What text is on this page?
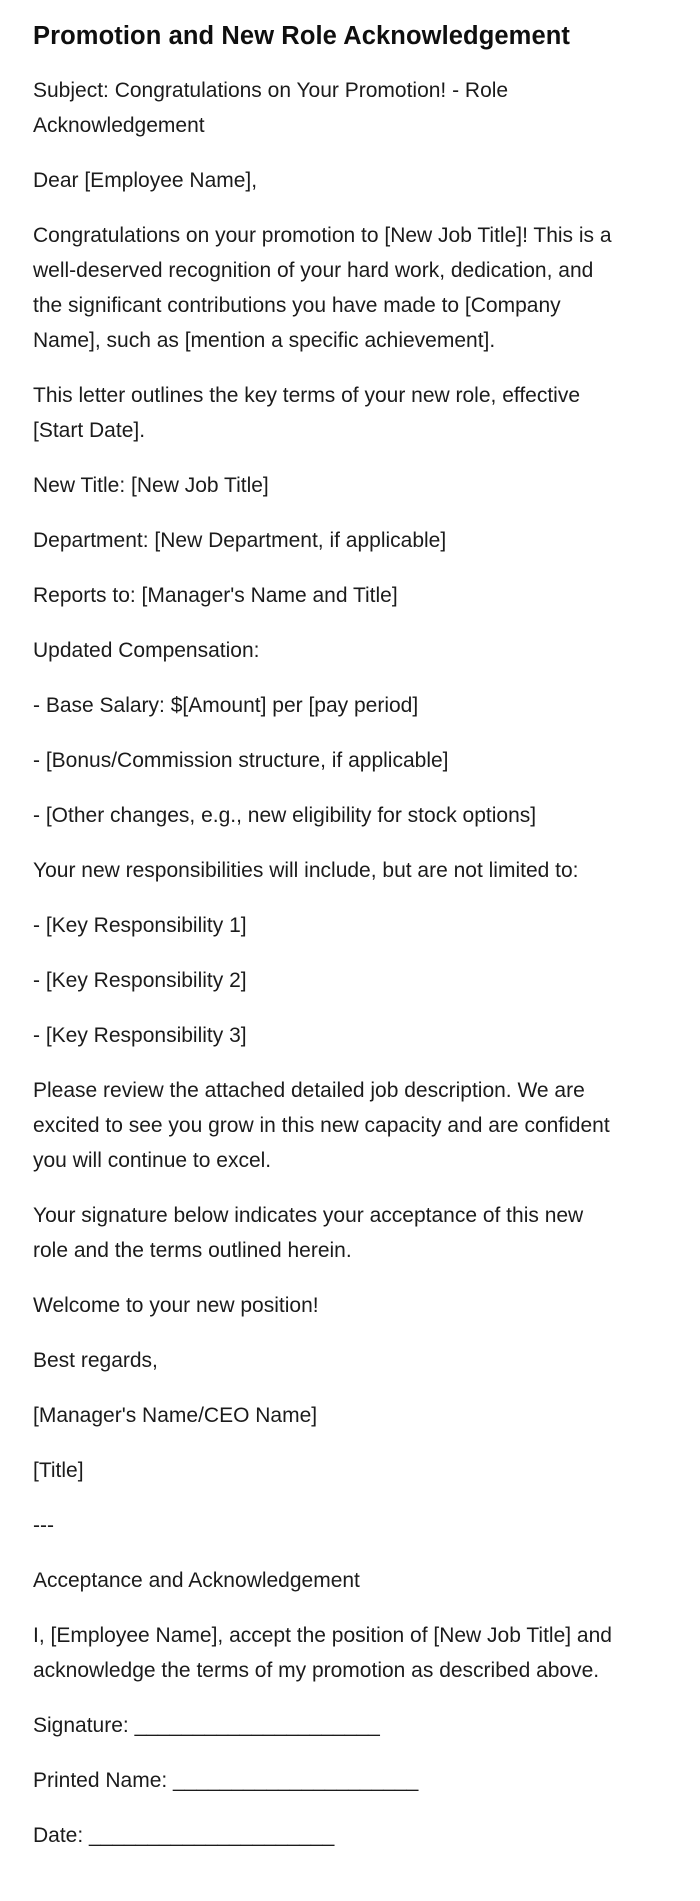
Promotion and New Role Acknowledgement

Subject: Congratulations on Your Promotion! - Role Acknowledgement

Dear [Employee Name],

Congratulations on your promotion to [New Job Title]! This is a well-deserved recognition of your hard work, dedication, and the significant contributions you have made to [Company Name], such as [mention a specific achievement].

This letter outlines the key terms of your new role, effective [Start Date].

New Title: [New Job Title]

Department: [New Department, if applicable]

Reports to: [Manager's Name and Title]

Updated Compensation:

- Base Salary: $[Amount] per [pay period]

- [Bonus/Commission structure, if applicable]

- [Other changes, e.g., new eligibility for stock options]

Your new responsibilities will include, but are not limited to:

- [Key Responsibility 1]

- [Key Responsibility 2]

- [Key Responsibility 3]

Please review the attached detailed job description. We are excited to see you grow in this new capacity and are confident you will continue to excel.

Your signature below indicates your acceptance of this new role and the terms outlined herein.

Welcome to your new position!

Best regards,

[Manager's Name/CEO Name]

[Title]

---

Acceptance and Acknowledgement

I, [Employee Name], accept the position of [New Job Title] and acknowledge the terms of my promotion as described above.

Signature: _____________________

Printed Name: _____________________

Date: _____________________
